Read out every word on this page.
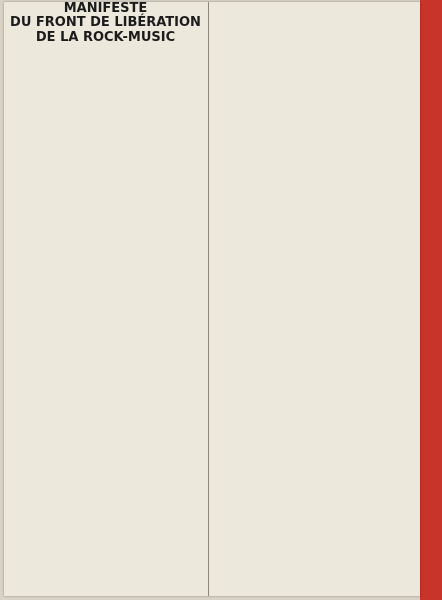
MANIFESTE
DU FRONT DE LIBÉRATION
DE LA ROCK-MUSIC
